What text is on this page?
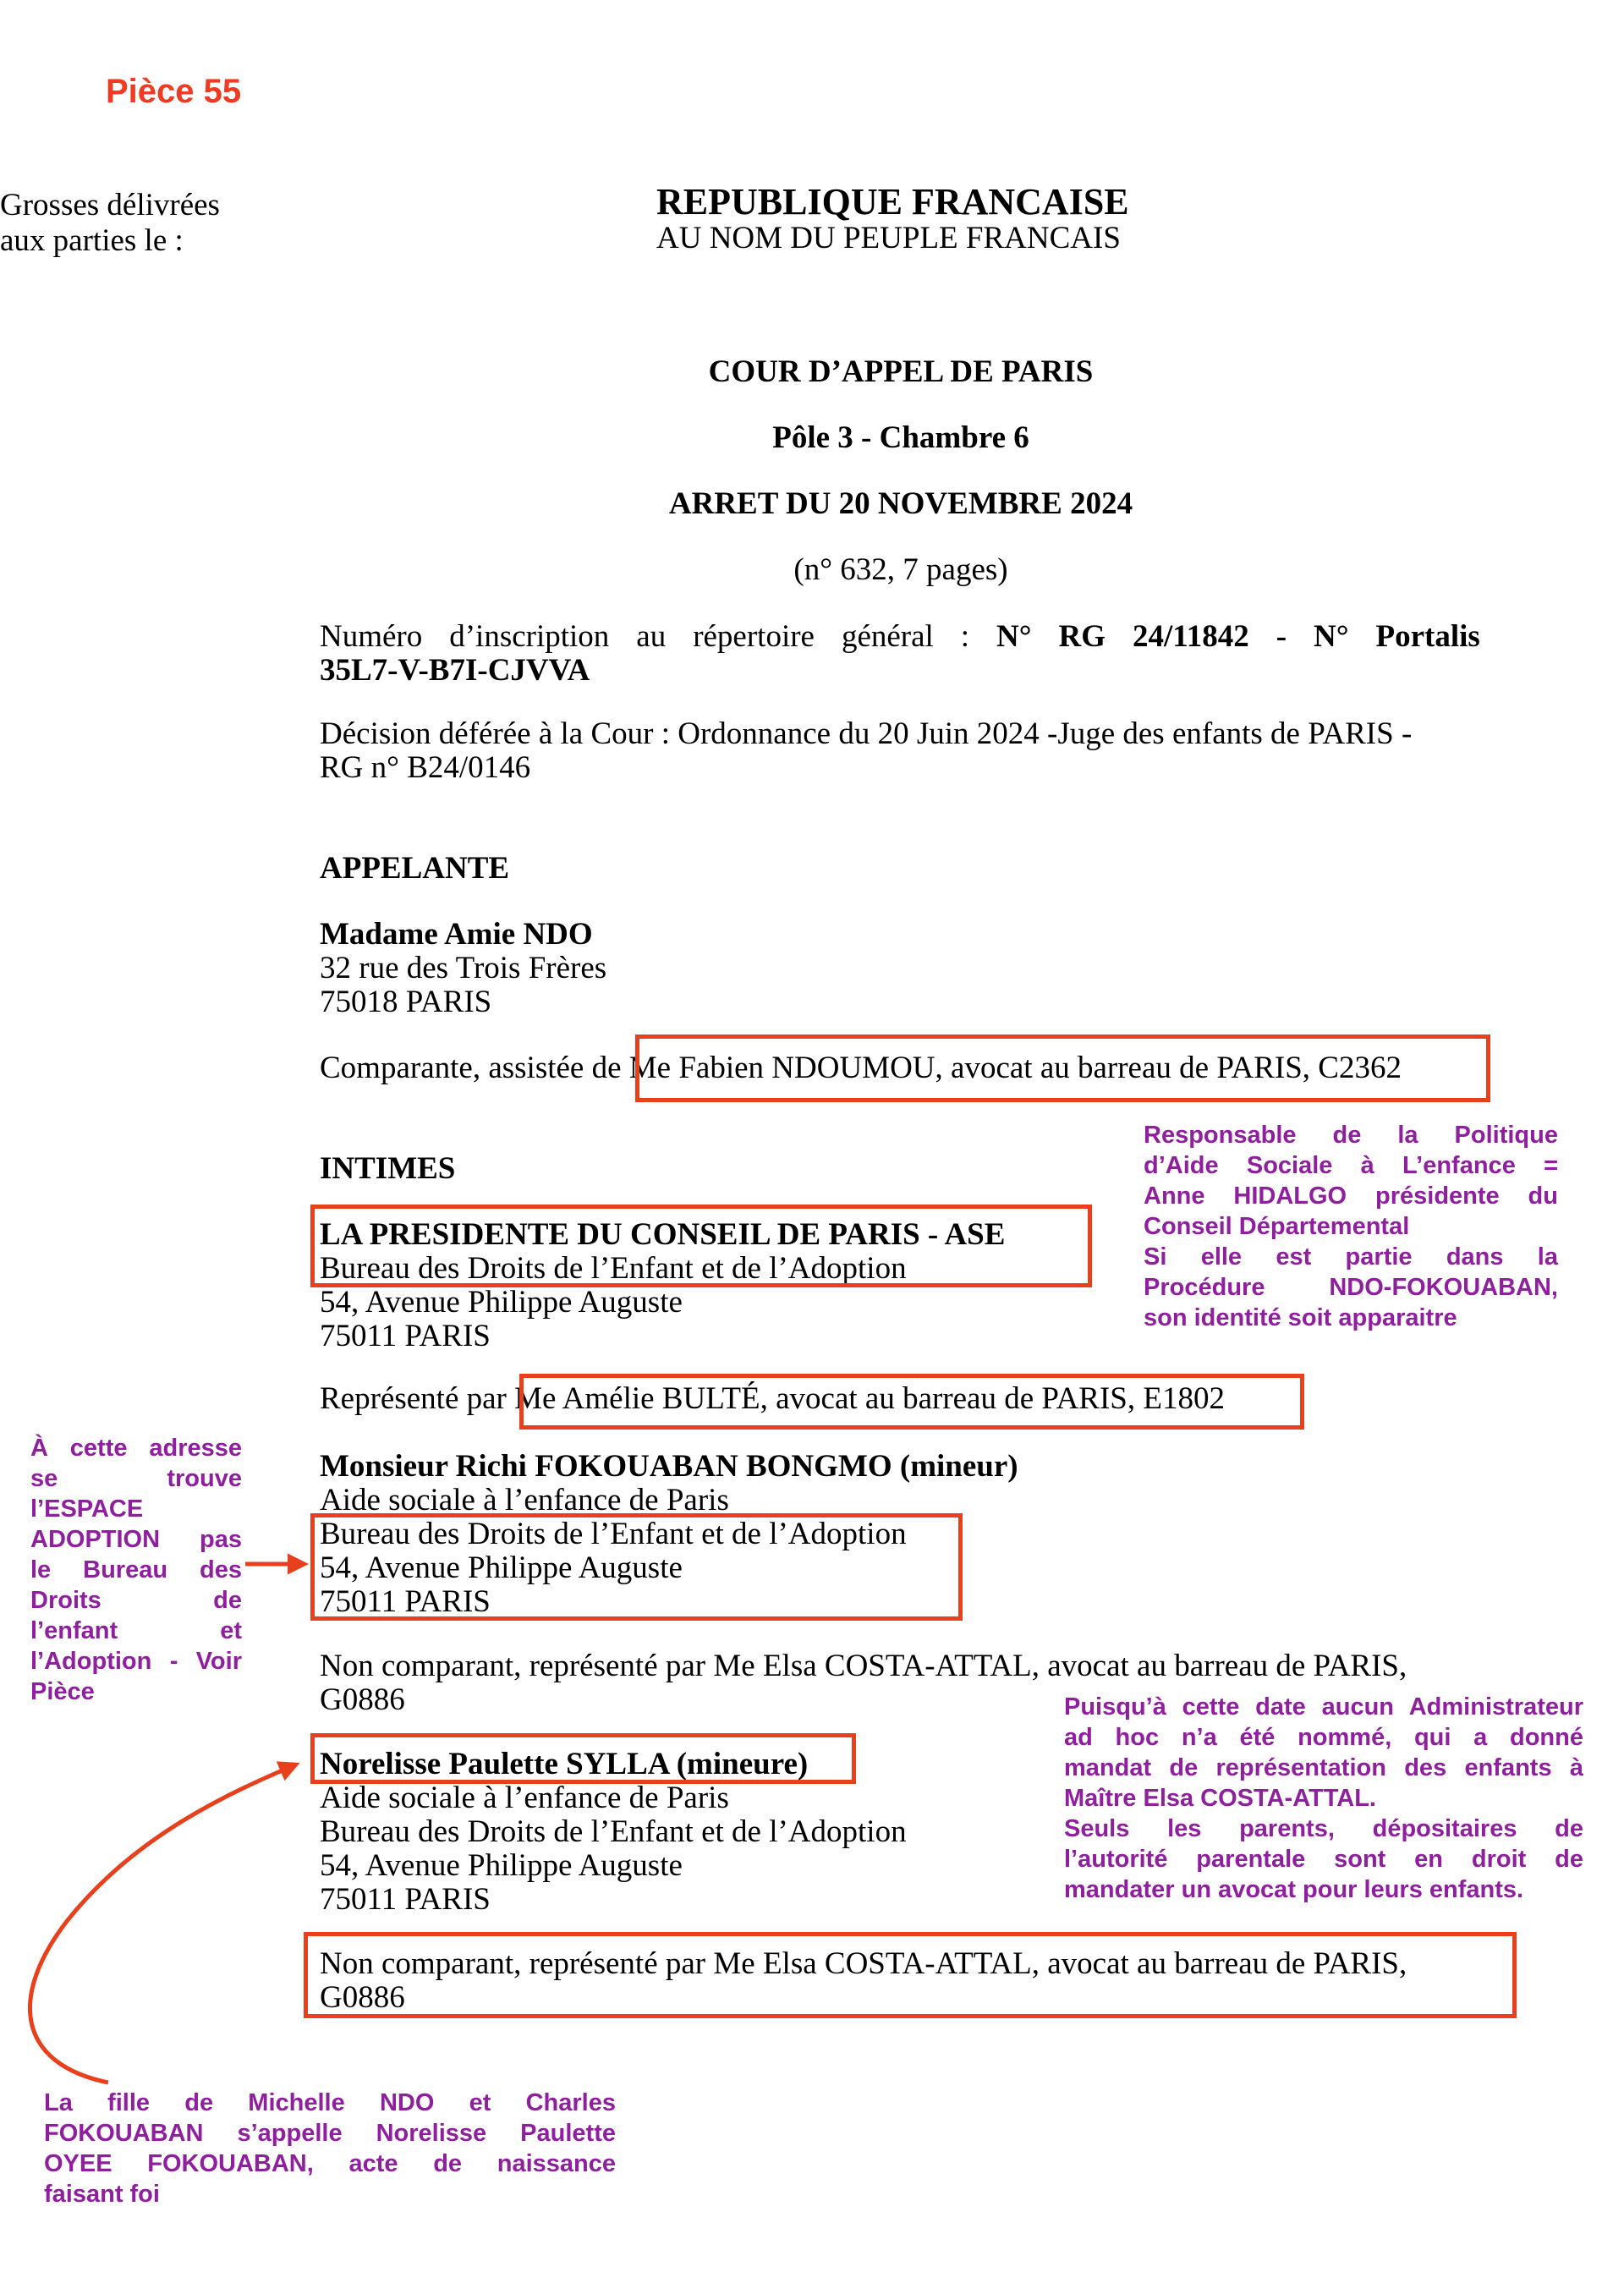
Pièce 55
Grosses délivrées
aux parties le :
REPUBLIQUE FRANCAISE
AU NOM DU PEUPLE FRANCAIS
COUR D’APPEL DE PARIS
Pôle 3 - Chambre 6
ARRET DU 20 NOVEMBRE 2024
(n° 632, 7 pages)
Numéro d’inscription au répertoire général : N° RG 24/11842 - N° Portalis
35L7-V-B7I-CJVVA
Décision déférée à la Cour : Ordonnance du 20 Juin 2024 -Juge des enfants de PARIS -
RG n° B24/0146
APPELANTE
Madame Amie NDO
32 rue des Trois Frères
75018 PARIS
Comparante, assistée de Me Fabien NDOUMOU, avocat au barreau de PARIS, C2362
INTIMES
LA PRESIDENTE DU CONSEIL DE PARIS - ASE
Bureau des Droits de l’Enfant et de l’Adoption
54, Avenue Philippe Auguste
75011 PARIS
Représenté par Me Amélie BULTÉ, avocat au barreau de PARIS, E1802
Monsieur Richi FOKOUABAN BONGMO (mineur)
Aide sociale à l’enfance de Paris
Bureau des Droits de l’Enfant et de l’Adoption
54, Avenue Philippe Auguste
75011 PARIS
Non comparant, représenté par Me Elsa COSTA-ATTAL, avocat au barreau de PARIS,
G0886
Norelisse Paulette SYLLA (mineure)
Aide sociale à l’enfance de Paris
Bureau des Droits de l’Enfant et de l’Adoption
54, Avenue Philippe Auguste
75011 PARIS
Non comparant, représenté par Me Elsa COSTA-ATTAL, avocat au barreau de PARIS,
G0886
Responsable de la Politique
d’Aide Sociale à L’enfance =
Anne HIDALGO présidente du
Conseil Départemental
Si elle est partie dans la
Procédure NDO-FOKOUABAN,
son identité soit apparaitre
À cette adresse
se trouve
l’ESPACE
ADOPTION pas
le Bureau des
Droits de
l’enfant et
l’Adoption - Voir
Pièce
Puisqu’à cette date aucun Administrateur
ad hoc n’a été nommé, qui a donné
mandat de représentation des enfants à
Maître Elsa COSTA-ATTAL.
Seuls les parents, dépositaires de
l’autorité parentale sont en droit de
mandater un avocat pour leurs enfants.
La fille de Michelle NDO et Charles
FOKOUABAN s’appelle Norelisse Paulette
OYEE FOKOUABAN, acte de naissance
faisant foi
